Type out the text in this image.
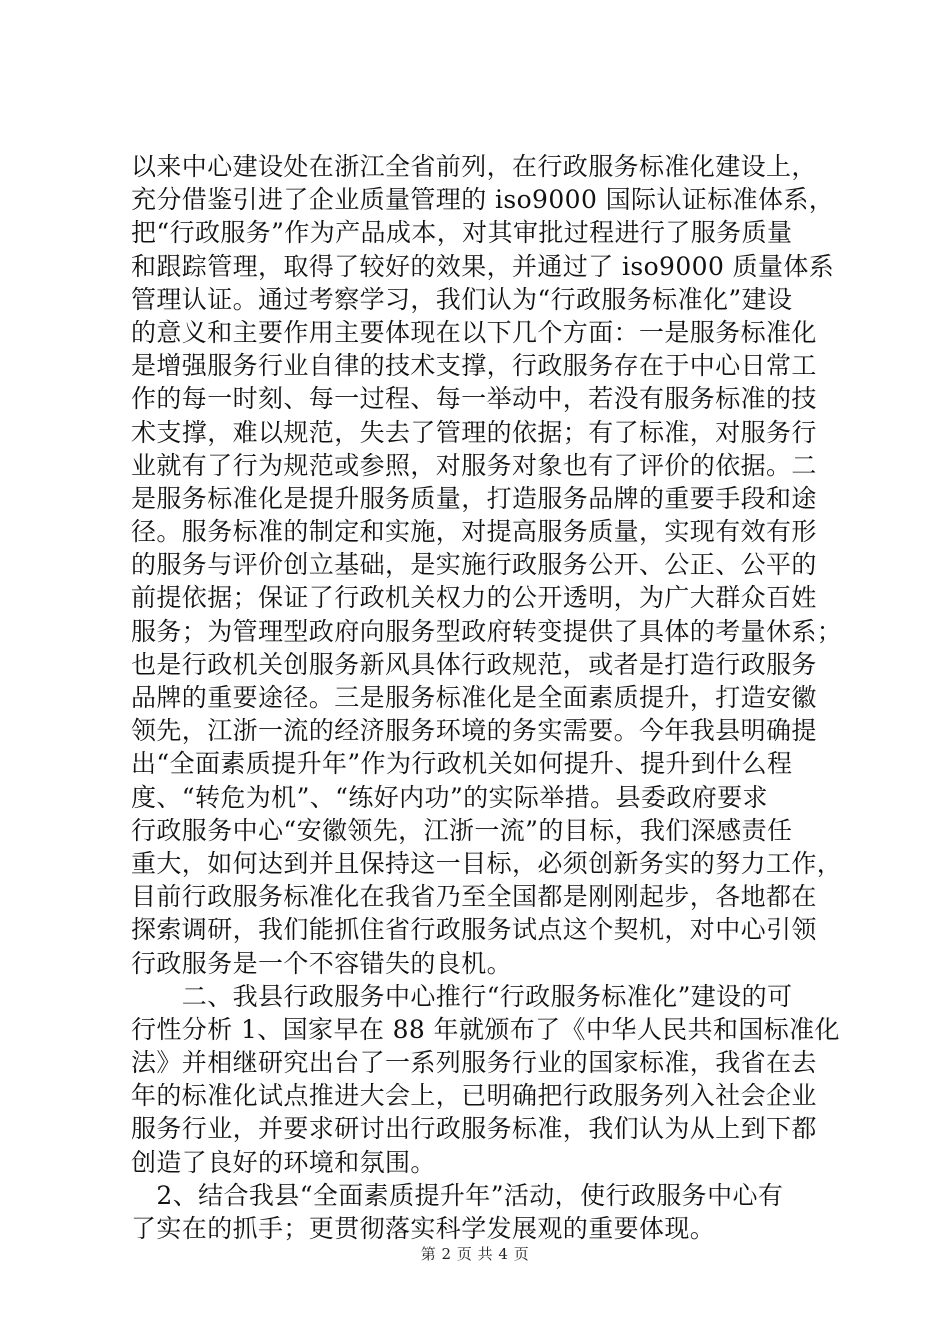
以来中心建设处在浙江全省前列，在行政服务标准化建设上，
充分借鉴引进了企业质量管理的 iso9000 国际认证标准体系，
把“行政服务”作为产品成本，对其审批过程进行了服务质量
和跟踪管理，取得了较好的效果，并通过了 iso9000 质量体系
管理认证。通过考察学习，我们认为“行政服务标准化”建设
的意义和主要作用主要体现在以下几个方面：一是服务标准化
是增强服务行业自律的技术支撑，行政服务存在于中心日常工
作的每一时刻、每一过程、每一举动中，若没有服务标准的技
术支撑，难以规范，失去了管理的依据；有了标准，对服务行
业就有了行为规范或参照，对服务对象也有了评价的依据。二
是服务标准化是提升服务质量，打造服务品牌的重要手段和途
径。服务标准的制定和实施，对提高服务质量，实现有效有形
的服务与评价创立基础，是实施行政服务公开、公正、公平的
前提依据；保证了行政机关权力的公开透明，为广大群众百姓
服务；为管理型政府向服务型政府转变提供了具体的考量休系；
也是行政机关创服务新风具体行政规范，或者是打造行政服务
品牌的重要途径。三是服务标准化是全面素质提升，打造安徽
领先，江浙一流的经济服务环境的务实需要。今年我县明确提
出“全面素质提升年”作为行政机关如何提升、提升到什么程
度、“转危为机”、“练好内功”的实际举措。县委政府要求
行政服务中心“安徽领先，江浙一流”的目标，我们深感责任
重大，如何达到并且保持这一目标，必须创新务实的努力工作，
目前行政服务标准化在我省乃至全国都是刚刚起步，各地都在
探索调研，我们能抓住省行政服务试点这个契机，对中心引领
行政服务是一个不容错失的良机。
　　二、我县行政服务中心推行“行政服务标准化”建设的可
行性分析 1、国家早在 88 年就颁布了《中华人民共和国标准化
法》并相继研究出台了一系列服务行业的国家标准，我省在去
年的标准化试点推进大会上，已明确把行政服务列入社会企业
服务行业，并要求研讨出行政服务标准，我们认为从上到下都
创造了良好的环境和氛围。
　2、结合我县“全面素质提升年”活动，使行政服务中心有
了实在的抓手；更贯彻落实科学发展观的重要体现。
第 2 页 共 4 页
